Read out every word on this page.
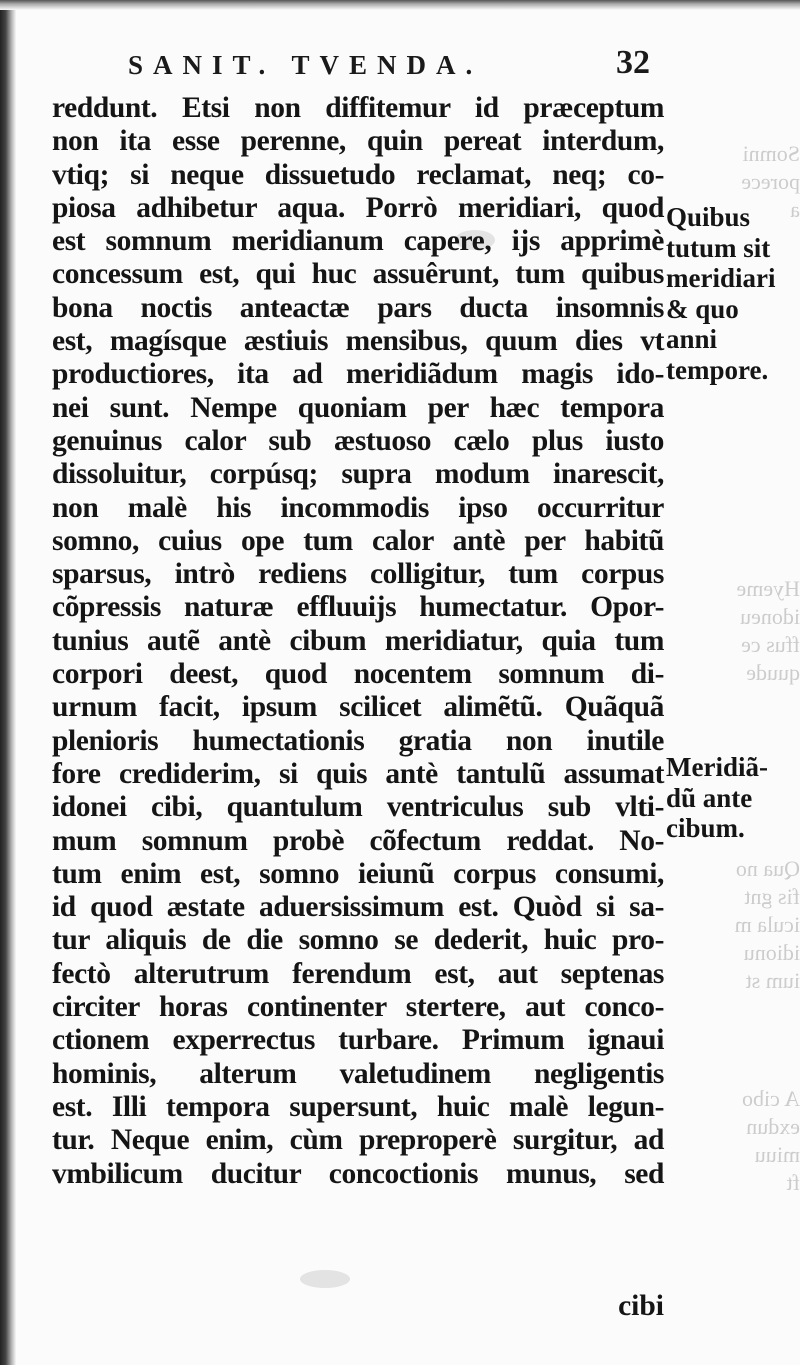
Somni
porece
a
Hyeme
idoneu
ffus ce
quude
Qua no
fis gnt
icula m
idionu
ium st
A cibo
exdun
miuu
ft
SANIT. TVENDA.	32
reddunt. Etsi non diffitemur id præceptum
non ita esse perenne, quin pereat interdum,
vtiq; si neque dissuetudo reclamat, neq; co-
piosa adhibetur aqua. Porrò meridiari, quod
est somnum meridianum capere, ijs apprimè
concessum est, qui huc assuêrunt, tum quibus
bona noctis anteactæ pars ducta insomnis
est, magísque æstiuis mensibus, quum dies vt
productiores, ita ad meridiãdum magis ido-
nei sunt. Nempe quoniam per hæc tempora
genuinus calor sub æstuoso cælo plus iusto
dissoluitur, corpúsq; supra modum inarescit,
non malè his incommodis ipso occurritur
somno, cuius ope tum calor antè per habitũ
sparsus, intrò rediens colligitur, tum corpus
cõpressis naturæ effluuijs humectatur. Opor-
tunius autẽ antè cibum meridiatur, quia tum
corpori deest, quod nocentem somnum di-
urnum facit, ipsum scilicet alimẽtũ. Quãquã
plenioris humectationis gratia non inutile
fore crediderim, si quis antè tantulũ assumat
idonei cibi, quantulum ventriculus sub vlti-
mum somnum probè cõfectum reddat. No-
tum enim est, somno ieiunũ corpus consumi,
id quod æstate aduersissimum est. Quòd si sa-
tur aliquis de die somno se dederit, huic pro-
fectò alterutrum ferendum est, aut septenas
circiter horas continenter stertere, aut conco-
ctionem experrectus turbare. Primum ignaui
hominis, alterum valetudinem negligentis
est. Illi tempora supersunt, huic malè legun-
tur. Neque enim, cùm preproperè surgitur, ad
vmbilicum ducitur concoctionis munus, sed
Quibus
tutum sit
meridiari
& quo
anni
tempore.
Meridiã-
dũ ante
cibum.
cibi
